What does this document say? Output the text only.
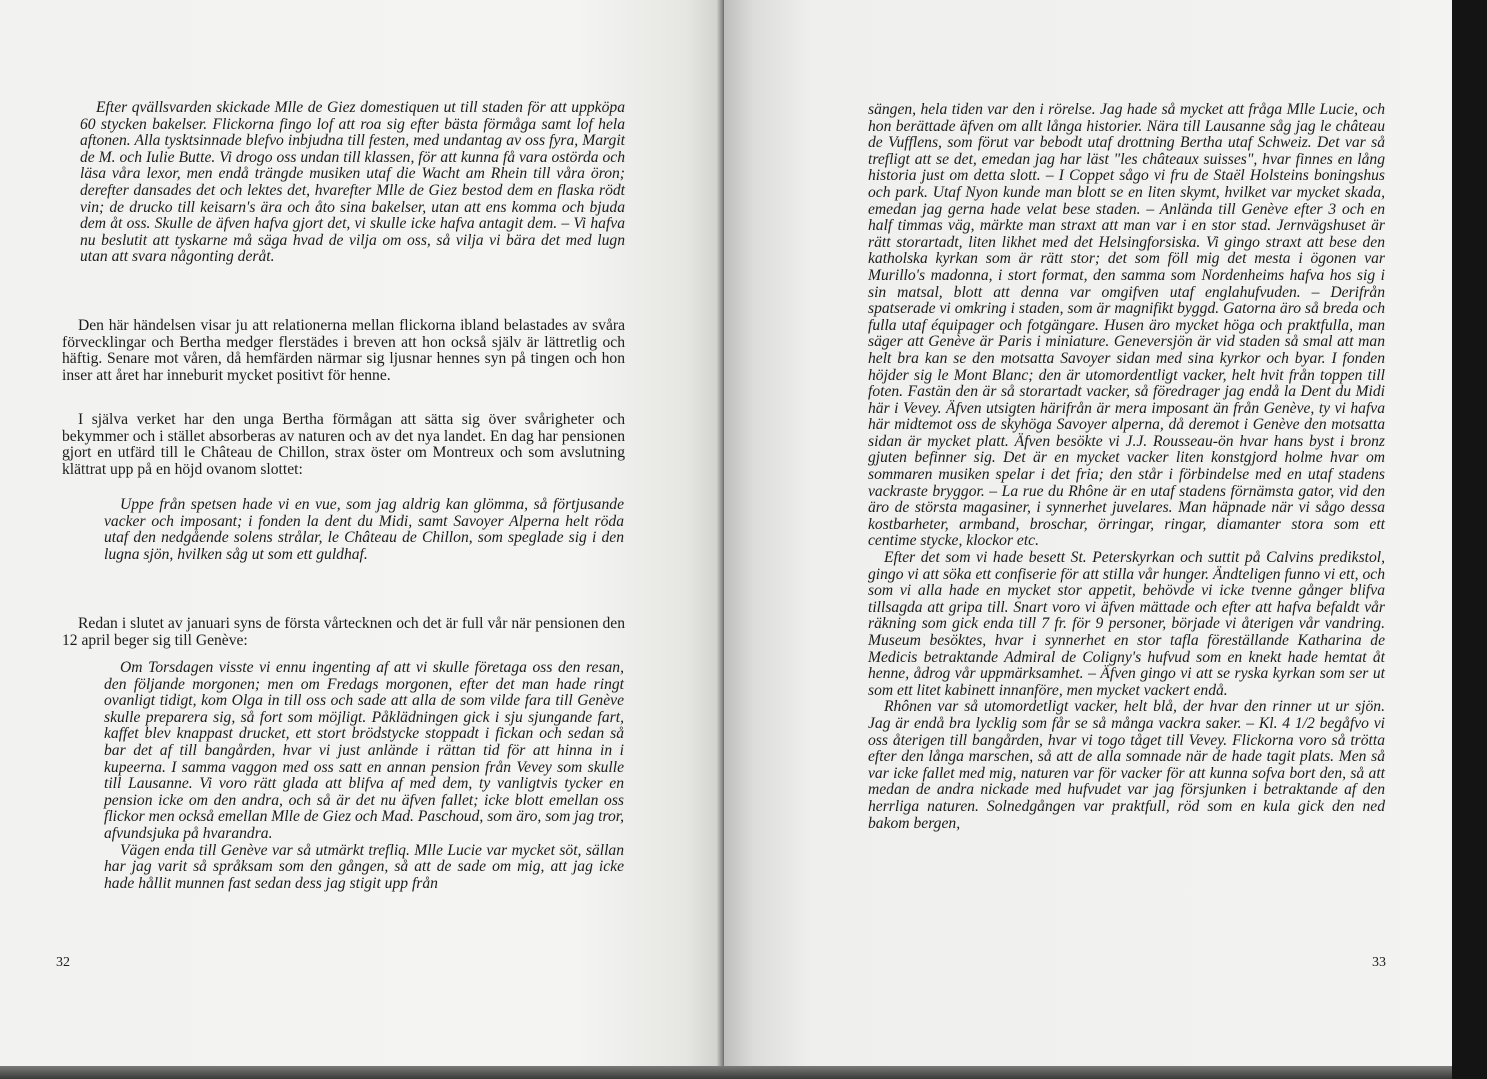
Efter qvällsvarden skickade Mlle de Giez domestiquen ut till staden för att uppköpa 60 stycken bakelser. Flickorna fingo lof att roa sig efter bästa förmåga samt lof hela aftonen. Alla tysktsinnade blefvo inbjudna till festen, med undantag av oss fyra, Margit de M. och Iulie Butte. Vi drogo oss undan till klassen, för att kunna få vara ostörda och läsa våra lexor, men endå trängde musiken utaf die Wacht am Rhein till våra öron; derefter dansades det och lektes det, hvarefter Mlle de Giez bestod dem en flaska rödt vin; de drucko till keisarn's ära och åto sina bakelser, utan att ens komma och bjuda dem åt oss. Skulle de äfven hafva gjort det, vi skulle icke hafva antagit dem. – Vi hafva nu beslutit att tyskarne må säga hvad de vilja om oss, så vilja vi bära det med lugn utan att svara någonting deråt.

Den här händelsen visar ju att relationerna mellan flickorna ibland belastades av svåra förvecklingar och Bertha medger flerstädes i breven att hon också själv är lättretlig och häftig. Senare mot våren, då hemfärden närmar sig ljusnar hennes syn på tingen och hon inser att året har inneburit mycket positivt för henne.

I själva verket har den unga Bertha förmågan att sätta sig över svårigheter och bekymmer och i stället absorberas av naturen och av det nya landet. En dag har pensionen gjort en utfärd till le Château de Chillon, strax öster om Montreux och som avslutning klättrat upp på en höjd ovanom slottet:

Uppe från spetsen hade vi en vue, som jag aldrig kan glömma, så förtjusande vacker och imposant; i fonden la dent du Midi, samt Savoyer Alperna helt röda utaf den nedgående solens strålar, le Château de Chillon, som speglade sig i den lugna sjön, hvilken såg ut som ett guldhaf.

Redan i slutet av januari syns de första vårtecknen och det är full vår när pensionen den 12 april beger sig till Genève:

Om Torsdagen visste vi ennu ingenting af att vi skulle företaga oss den resan, den följande morgonen; men om Fredags morgonen, efter det man hade ringt ovanligt tidigt, kom Olga in till oss och sade att alla de som vilde fara till Genève skulle preparera sig, så fort som möjligt. Påklädningen gick i sju sjungande fart, kaffet blev knappast drucket, ett stort brödstycke stoppadt i fickan och sedan så bar det af till bangården, hvar vi just anlände i rättan tid för att hinna in i kupeerna. I samma vaggon med oss satt en annan pension från Vevey som skulle till Lausanne. Vi voro rätt glada att blifva af med dem, ty vanligtvis tycker en pension icke om den andra, och så är det nu äfven fallet; icke blott emellan oss flickor men också emellan Mlle de Giez och Mad. Paschoud, som äro, som jag tror, afvundsjuka på hvarandra.

Vägen enda till Genève var så utmärkt trefliq. Mlle Lucie var mycket söt, sällan har jag varit så språksam som den gången, så att de sade om mig, att jag icke hade hållit munnen fast sedan dess jag stigit upp från

32	33

sängen, hela tiden var den i rörelse. Jag hade så mycket att fråga Mlle Lucie, och hon berättade äfven om allt långa historier. Nära till Lausanne såg jag le château de Vufflens, som förut var bebodt utaf drottning Bertha utaf Schweiz. Det var så trefligt att se det, emedan jag har läst "les châteaux suisses", hvar finnes en lång historia just om detta slott. – I Coppet sågo vi fru de Staël Holsteins boningshus och park. Utaf Nyon kunde man blott se en liten skymt, hvilket var mycket skada, emedan jag gerna hade velat bese staden. – Anlända till Genève efter 3 och en half timmas väg, märkte man straxt att man var i en stor stad. Jernvägshuset är rätt storartadt, liten likhet med det Helsingforsiska. Vi gingo straxt att bese den katholska kyrkan som är rätt stor; det som föll mig det mesta i ögonen var Murillo's madonna, i stort format, den samma som Nordenheims hafva hos sig i sin matsal, blott att denna var omgifven utaf englahufvuden. – Derifrån spatserade vi omkring i staden, som är magnifikt byggd. Gatorna äro så breda och fulla utaf équipager och fotgängare. Husen äro mycket höga och praktfulla, man säger att Genève är Paris i miniature. Geneversjön är vid staden så smal att man helt bra kan se den motsatta Savoyer sidan med sina kyrkor och byar. I fonden höjder sig le Mont Blanc; den är utomordentligt vacker, helt hvit från toppen till foten. Fastän den är så storartadt vacker, så föredrager jag endå la Dent du Midi här i Vevey. Äfven utsigten härifrån är mera imposant än från Genève, ty vi hafva här midtemot oss de skyhöga Savoyer alperna, då deremot i Genève den motsatta sidan är mycket platt. Äfven besökte vi J.J. Rousseau-ön hvar hans byst i bronz gjuten befinner sig. Det är en mycket vacker liten konstgjord holme hvar om sommaren musiken spelar i det fria; den står i förbindelse med en utaf stadens vackraste bryggor. – La rue du Rhône är en utaf stadens förnämsta gator, vid den äro de största magasiner, i synnerhet juvelares. Man häpnade när vi sågo dessa kostbarheter, armband, broschar, örringar, ringar, diamanter stora som ett centime stycke, klockor etc.

Efter det som vi hade besett St. Peterskyrkan och suttit på Calvins predikstol, gingo vi att söka ett confiserie för att stilla vår hunger. Ändteligen funno vi ett, och som vi alla hade en mycket stor appetit, behövde vi icke tvenne gånger blifva tillsagda att gripa till. Snart voro vi äfven mättade och efter att hafva befaldt vår räkning som gick enda till 7 fr. för 9 personer, började vi återigen vår vandring. Museum besöktes, hvar i synnerhet en stor tafla föreställande Katharina de Medicis betraktande Admiral de Coligny's hufvud som en knekt hade hemtat åt henne, ådrog vår uppmärksamhet. – Äfven gingo vi att se ryska kyrkan som ser ut som ett litet kabinett innanföre, men mycket vackert endå.

Rhônen var så utomordetligt vacker, helt blå, der hvar den rinner ut ur sjön. Jag är endå bra lycklig som får se så många vackra saker. – Kl. 4 1/2 begåfvo vi oss återigen till bangården, hvar vi togo tåget till Vevey. Flickorna voro så trötta efter den långa marschen, så att de alla somnade när de hade tagit plats. Men så var icke fallet med mig, naturen var för vacker för att kunna sofva bort den, så att medan de andra nickade med hufvudet var jag försjunken i betraktande af den herrliga naturen. Solnedgången var praktfull, röd som en kula gick den ned bakom bergen,
